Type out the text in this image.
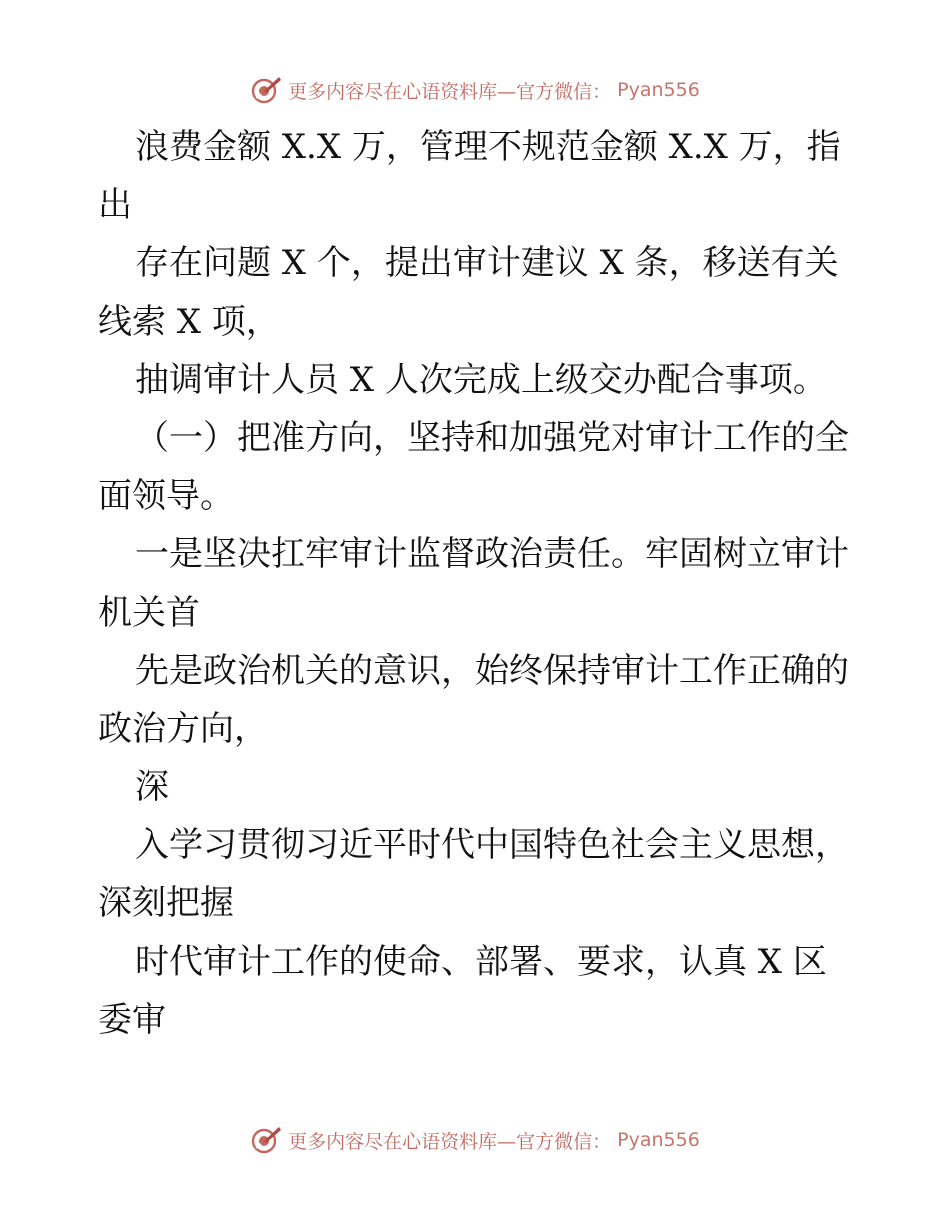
更多内容尽在心语资料库—官方微信： Pyan556
浪费金额 X.X 万，管理不规范金额 X.X 万，指
出
存在问题 X 个，提出审计建议 X 条，移送有关
线索 X 项，
抽调审计人员 X 人次完成上级交办配合事项。
（一）把准方向，坚持和加强党对审计工作的全
面领导。
一是坚决扛牢审计监督政治责任。牢固树立审计
机关首
先是政治机关的意识，始终保持审计工作正确的
政治方向，
深
入学习贯彻习近平时代中国特色社会主义思想，
深刻把握
时代审计工作的使命、部署、要求，认真 X 区
委审
更多内容尽在心语资料库—官方微信： Pyan556
